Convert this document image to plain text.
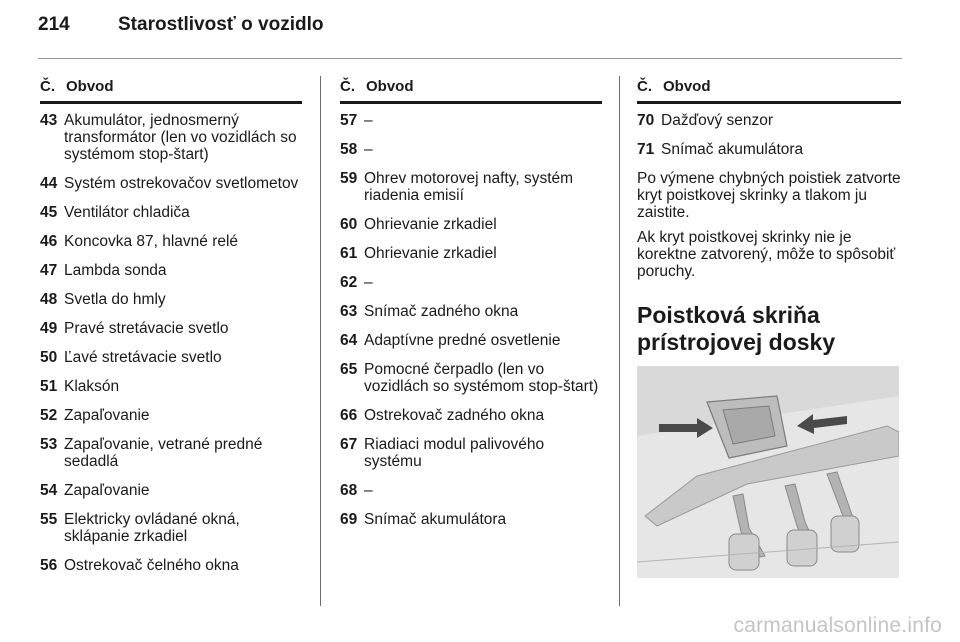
214	Starostlivosť o vozidlo
Č. Obvod
43 Akumulátor, jednosmerný transformátor (len vo vozidlách so systémom stop-štart)
44 Systém ostrekovačov svetlometov
45 Ventilátor chladiča
46 Koncovka 87, hlavné relé
47 Lambda sonda
48 Svetla do hmly
49 Pravé stretávacie svetlo
50 Ľavé stretávacie svetlo
51 Klaksón
52 Zapaľovanie
53 Zapaľovanie, vetrané predné sedadlá
54 Zapaľovanie
55 Elektricky ovládané okná, sklápanie zrkadiel
56 Ostrekovač čelného okna
Č. Obvod
57 –
58 –
59 Ohrev motorovej nafty, systém riadenia emisií
60 Ohrievanie zrkadiel
61 Ohrievanie zrkadiel
62 –
63 Snímač zadného okna
64 Adaptívne predné osvetlenie
65 Pomocné čerpadlo (len vo vozidlách so systémom stop-štart)
66 Ostrekovač zadného okna
67 Riadiaci modul palivového systému
68 –
69 Snímač akumulátora
Č. Obvod
70 Dažďový senzor
71 Snímač akumulátora

Po výmene chybných poistiek zatvorte kryt poistkovej skrinky a tlakom ju zaistite.

Ak kryt poistkovej skrinky nie je korektne zatvorený, môže to spôsobiť poruchy.

Poistková skriňa
prístrojovej dosky
carmanualsonline.info
